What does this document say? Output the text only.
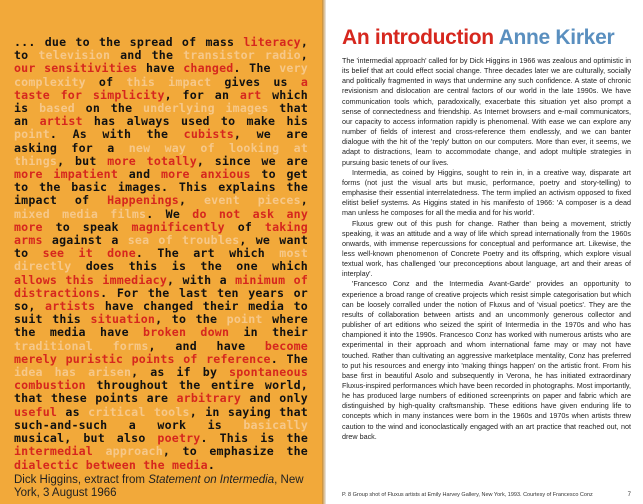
... due to the spread of mass literacy, to television and the transistor radio, our sensitivities have changed. The very complexity of this impact gives us a taste for simplicity, for an art which is based on the underlying images that an artist has always used to make his point. As with the cubists, we are asking for a new way of looking at things, but more totally, since we are more impatient and more anxious to get to the basic images. This explains the impact of Happenings, event pieces, mixed media films. We do not ask any more to speak magnificently of taking arms against a sea of troubles, we want to see it done. The art which most directly does this is the one which allows this immediacy, with a minimum of distractions. For the last ten years or so, artists have changed their media to suit this situation, to the point where the media have broken down in their traditional forms, and have become merely puristic points of reference. The idea has arisen, as if by spontaneous combustion throughout the entire world, that these points are arbitrary and only useful as critical tools, in saying that such-and-such a work is basically musical, but also poetry. This is the intermedial approach, to emphasize the dialectic between the media.
Dick Higgins, extract from Statement on Intermedia, New York, 3 August 1966
An introduction Anne Kirker

The 'intermedial approach' called for by Dick Higgins in 1966 was zealous and optimistic in its belief that art could effect social change. Three decades later we are culturally, socially and politically fragmented in ways that undermine any such confidence. A state of chronic revisionism and dislocation are central factors of our world in the late 1990s. We have communication tools which, paradoxically, exacerbate this situation yet also prompt a sense of connectedness and friendship. As Internet browsers and e-mail communicators, our capacity to access information rapidly is phenomenal. With ease we can explore any number of fields of interest and cross-reference them endlessly, and we can banter dialogue with the hit of the 'reply' button on our computers. More than ever, it seems, we adapt to distractions, learn to accommodate change, and adopt multiple strategies in pursuing basic tenets of our lives.

Intermedia, as coined by Higgins, sought to rein in, in a creative way, disparate art forms (not just the visual arts but music, performance, poetry and story-telling) to emphasise their essential interrelatedness. The term implied an activism opposed to fixed elitist belief systems. As Higgins stated in his manifesto of 1966: 'A composer is a dead man unless he composes for all the media and for his world'.

Fluxus grew out of this push for change. Rather than being a movement, strictly speaking, it was an attitude and a way of life which spread internationally from the 1960s onwards, with immense repercussions for conceptual and performance art. Likewise, the less well-known phenomenon of Concrete Poetry and its offspring, which explore visual textual work, has challenged 'our preconceptions about language, art and their areas of interplay'.

'Francesco Conz and the Intermedia Avant-Garde' provides an opportunity to experience a broad range of creative projects which resist simple categorisation but which can be loosely corralled under the notion of Fluxus and of 'visual poetics'. They are the results of collaboration between artists and an uncommonly generous collector and publisher of art editions who seized the spirit of Intermedia in the 1970s and who has championed it into the 1990s. Francesco Conz has worked with numerous artists who are experimental in their approach and whom international fame may or may not have touched. Rather than cultivating an aggressive marketplace mentality, Conz has preferred to put his resources and energy into 'making things happen' on the artistic front. From his base first in beautiful Asolo and subsequently in Verona, he has initiated extraordinary Fluxus-inspired performances which have been recorded in photographs. Most importantly, he has produced large numbers of editioned screenprints on paper and fabric which are distinguished by high-quality craftsmanship. These editions have given enduring life to concepts which in many instances were born in the 1960s and 1970s when artists threw caution to the wind and iconoclastically engaged with an art practice that reached out, not drew back.

P. 8 Group shot of Fluxus artists at Emily Harvey Gallery, New York, 1993. Courtesy of Francesco Conz	7
